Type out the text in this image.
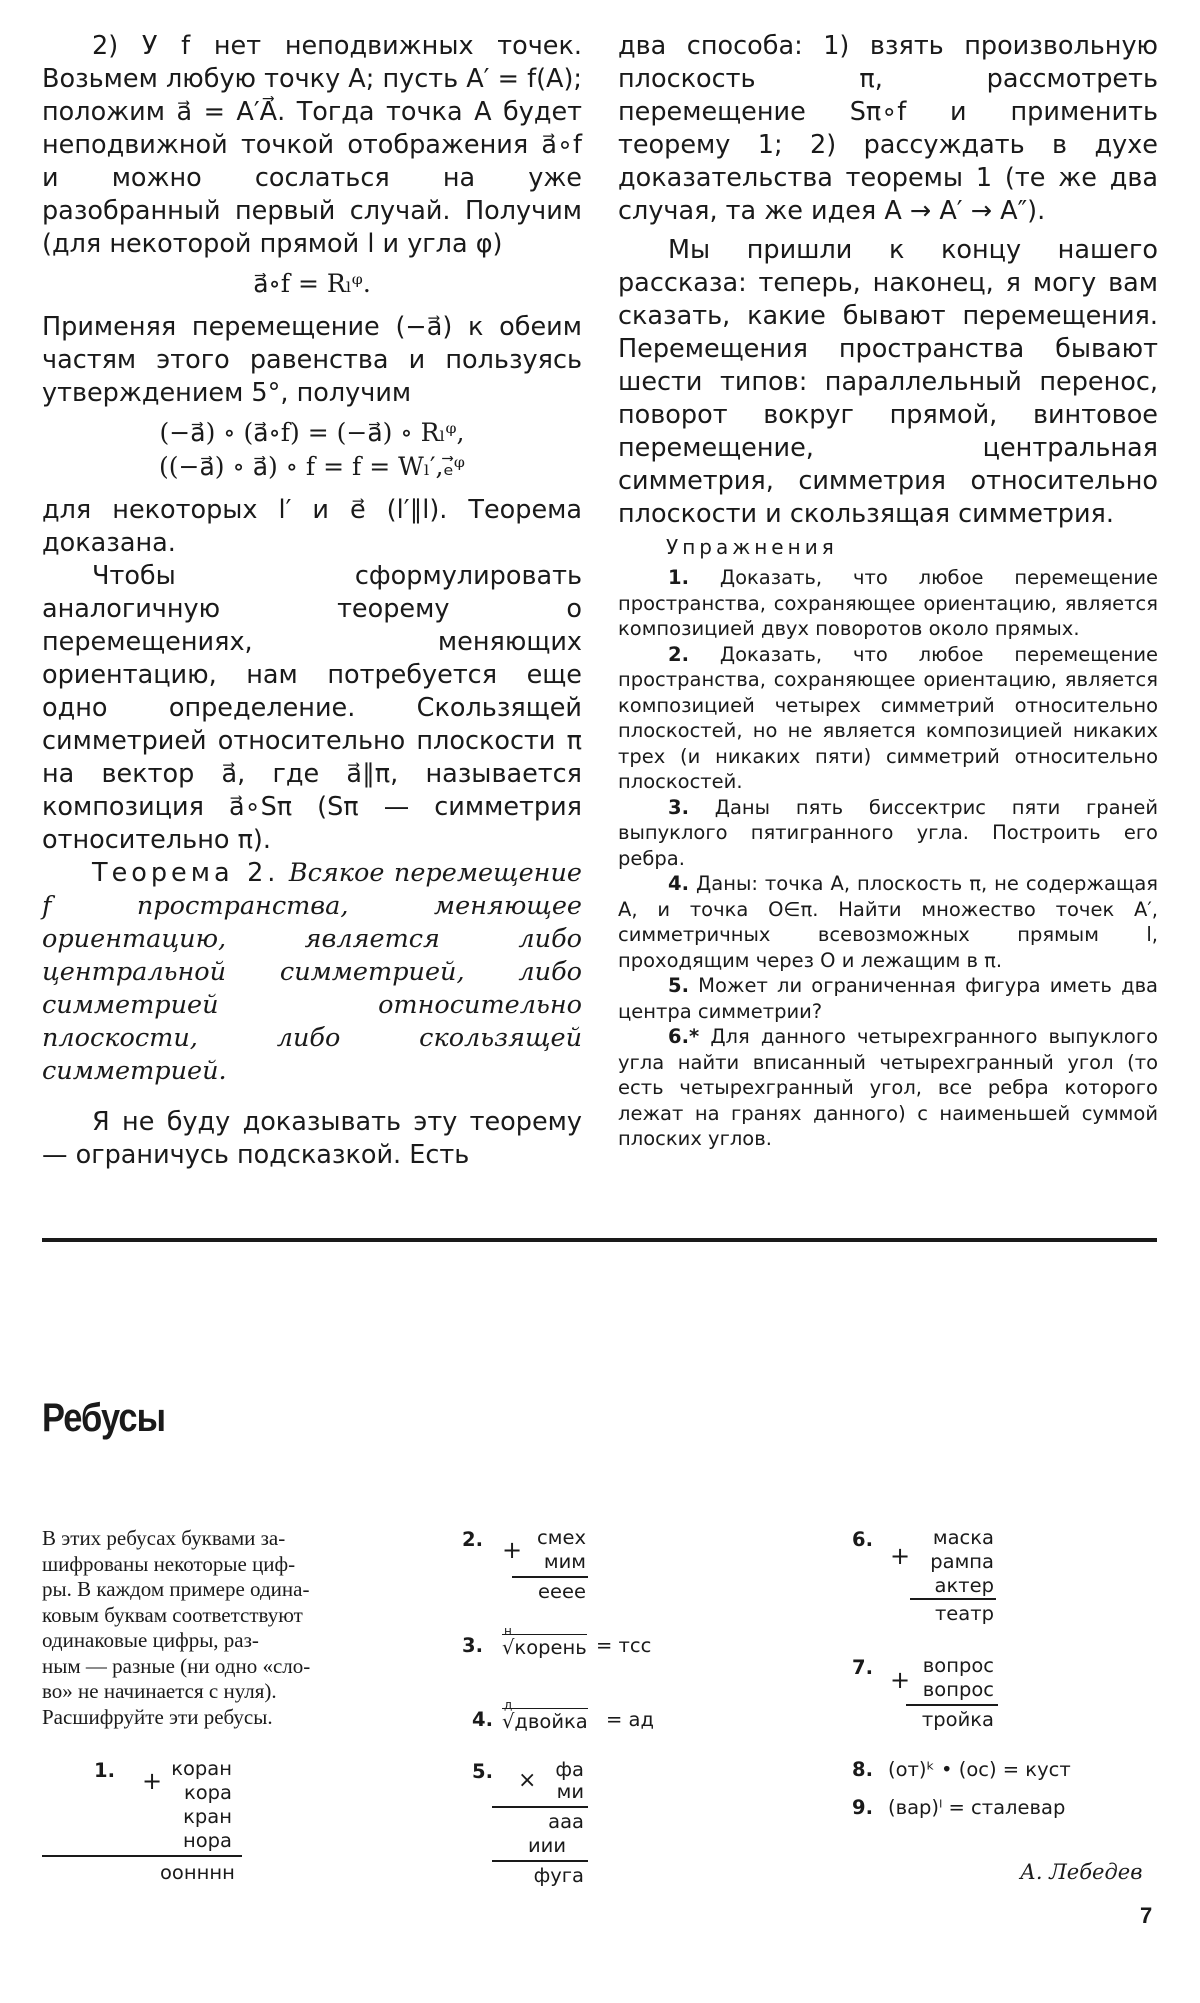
2) У f нет неподвижных точек. Возьмем любую точку A; пусть A′ = f(A); положим a⃗ = A′A⃗. Тогда точка A будет неподвижной точкой отображения a⃗∘f и можно сослаться на уже разобранный первый случай. Получим (для некоторой прямой l и угла φ)

a⃗∘f = Rₗᵠ.

Применяя перемещение (−a⃗) к обеим частям этого равенства и пользуясь утверждением 5°, получим

(−a⃗) ∘ (a⃗∘f) = (−a⃗) ∘ Rₗᵠ,
((−a⃗) ∘ a⃗) ∘ f = f = Wₗ′,ₑ⃗ᵠ

для некоторых l′ и e⃗ (l′∥l). Теорема доказана.

Чтобы сформулировать аналогичную теорему о перемещениях, меняющих ориентацию, нам потребуется еще одно определение. Скользящей симметрией относительно плоскости π на вектор a⃗, где a⃗∥π, называется композиция a⃗∘Sπ (Sπ — симметрия относительно π).

Теорема 2. Всякое перемещение f пространства, меняющее ориентацию, является либо центральной симметрией, либо симметрией относительно плоскости, либо скользящей симметрией.

Я не буду доказывать эту теорему — ограничусь подсказкой. Есть

два способа: 1) взять произвольную плоскость π, рассмотреть перемещение Sπ∘f и применить теорему 1; 2) рассуждать в духе доказательства теоремы 1 (те же два случая, та же идея A → A′ → A″).

Мы пришли к концу нашего рассказа: теперь, наконец, я могу вам сказать, какие бывают перемещения. Перемещения пространства бывают шести типов: параллельный перенос, поворот вокруг прямой, винтовое перемещение, центральная симметрия, симметрия относительно плоскости и скользящая симметрия.

Упражнения

1. Доказать, что любое перемещение пространства, сохраняющее ориентацию, является композицией двух поворотов около прямых.

2. Доказать, что любое перемещение пространства, сохраняющее ориентацию, является композицией четырех симметрий относительно плоскостей, но не является композицией никаких трех (и никаких пяти) симметрий относительно плоскостей.

3. Даны пять биссектрис пяти граней выпуклого пятигранного угла. Построить его ребра.

4. Даны: точка A, плоскость π, не содержащая A, и точка O∈π. Найти множество точек A′, симметричных всевозможных прямым l, проходящим через O и лежащим в π.

5. Может ли ограниченная фигура иметь два центра симметрии?

6.* Для данного четырехгранного выпуклого угла найти вписанный четырехгранный угол (то есть четырехгранный угол, все ребра которого лежат на гранях данного) с наименьшей суммой плоских углов.

Ребусы
В этих ребусах буквами за-
шифрованы некоторые циф-
ры. В каждом примере одина-
ковым буквам соответствуют
одинаковые цифры, раз-
ным — разные (ни одно «сло-
во» не начинается с нуля).
Расшифруйте эти ребусы.
1. + коран
кора
кран
нора
оонннн
2. + смех
мим
ееее
3.
н
√корень = тсс
4.
д
√двойка = ад
5. × фа
ми
ааа
иии
фуга
6.
+
маска
рампа
актер
театр
7. +
вопрос
вопрос
тройка
8. (от)ᵏ • (ос) = куст
9. (вар)ˡ = сталевар
А. Лебедев
7
